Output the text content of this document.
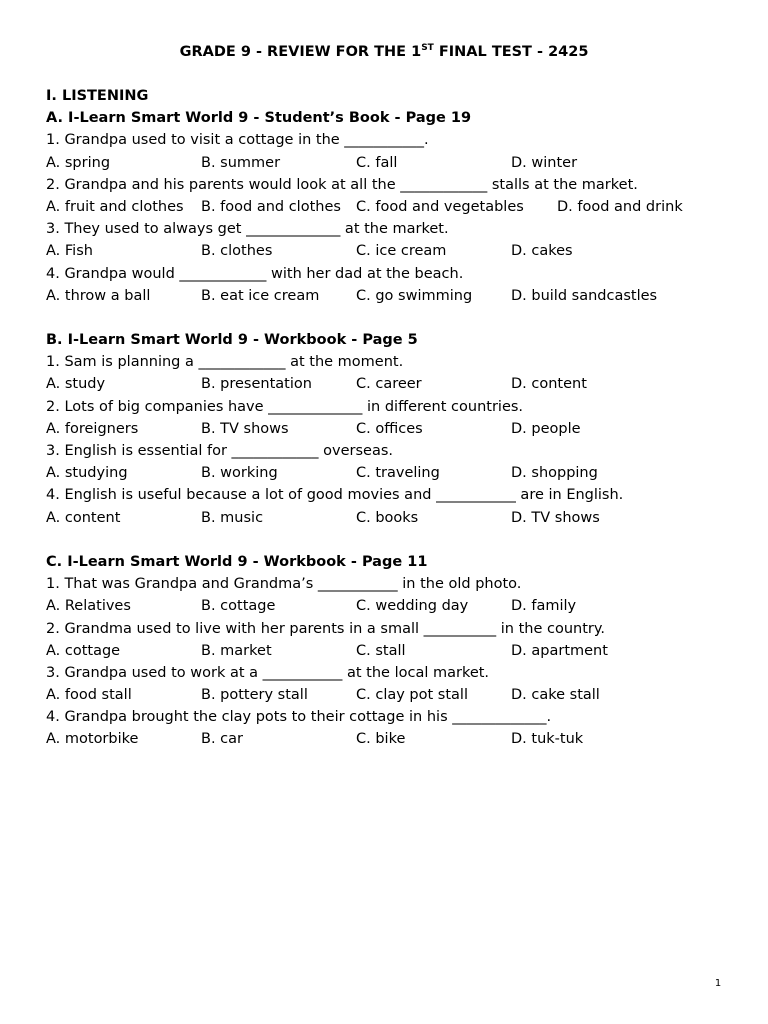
GRADE 9 - REVIEW FOR THE 1ST FINAL TEST - 2425
I. LISTENING
A. I-Learn Smart World 9 - Student’s Book - Page 19
1. Grandpa used to visit a cottage in the ___________.
A. spring	B. summer	C. fall	D. winter
2. Grandpa and his parents would look at all the ____________ stalls at the market.
A. fruit and clothes B. food and clothes C. food and vegetables D. food and drink
3. They used to always get _____________ at the market.
A. Fish	B. clothes	C. ice cream	D. cakes
4. Grandpa would ____________ with her dad at the beach.
A. throw a ball	B. eat ice cream	C. go swimming	D. build sandcastles
B. I-Learn Smart World 9 - Workbook - Page 5
1. Sam is planning a ____________ at the moment.
A. study	B. presentation	C. career	D. content
2. Lots of big companies have _____________ in different countries.
A. foreigners	B. TV shows	C. offices	D. people
3. English is essential for ____________ overseas.
A. studying	B. working	C. traveling	D. shopping
4. English is useful because a lot of good movies and ___________ are in English.
A. content	B. music	C. books	D. TV shows
C. I-Learn Smart World 9 - Workbook - Page 11
1. That was Grandpa and Grandma’s ___________ in the old photo.
A. Relatives	B. cottage	C. wedding day	D. family
2. Grandma used to live with her parents in a small __________ in the country.
A. cottage	B. market	C. stall	D. apartment
3. Grandpa used to work at a ___________ at the local market.
A. food stall	B. pottery stall	C. clay pot stall	D. cake stall
4. Grandpa brought the clay pots to their cottage in his _____________.
A. motorbike	B. car	C. bike	D. tuk-tuk
1
